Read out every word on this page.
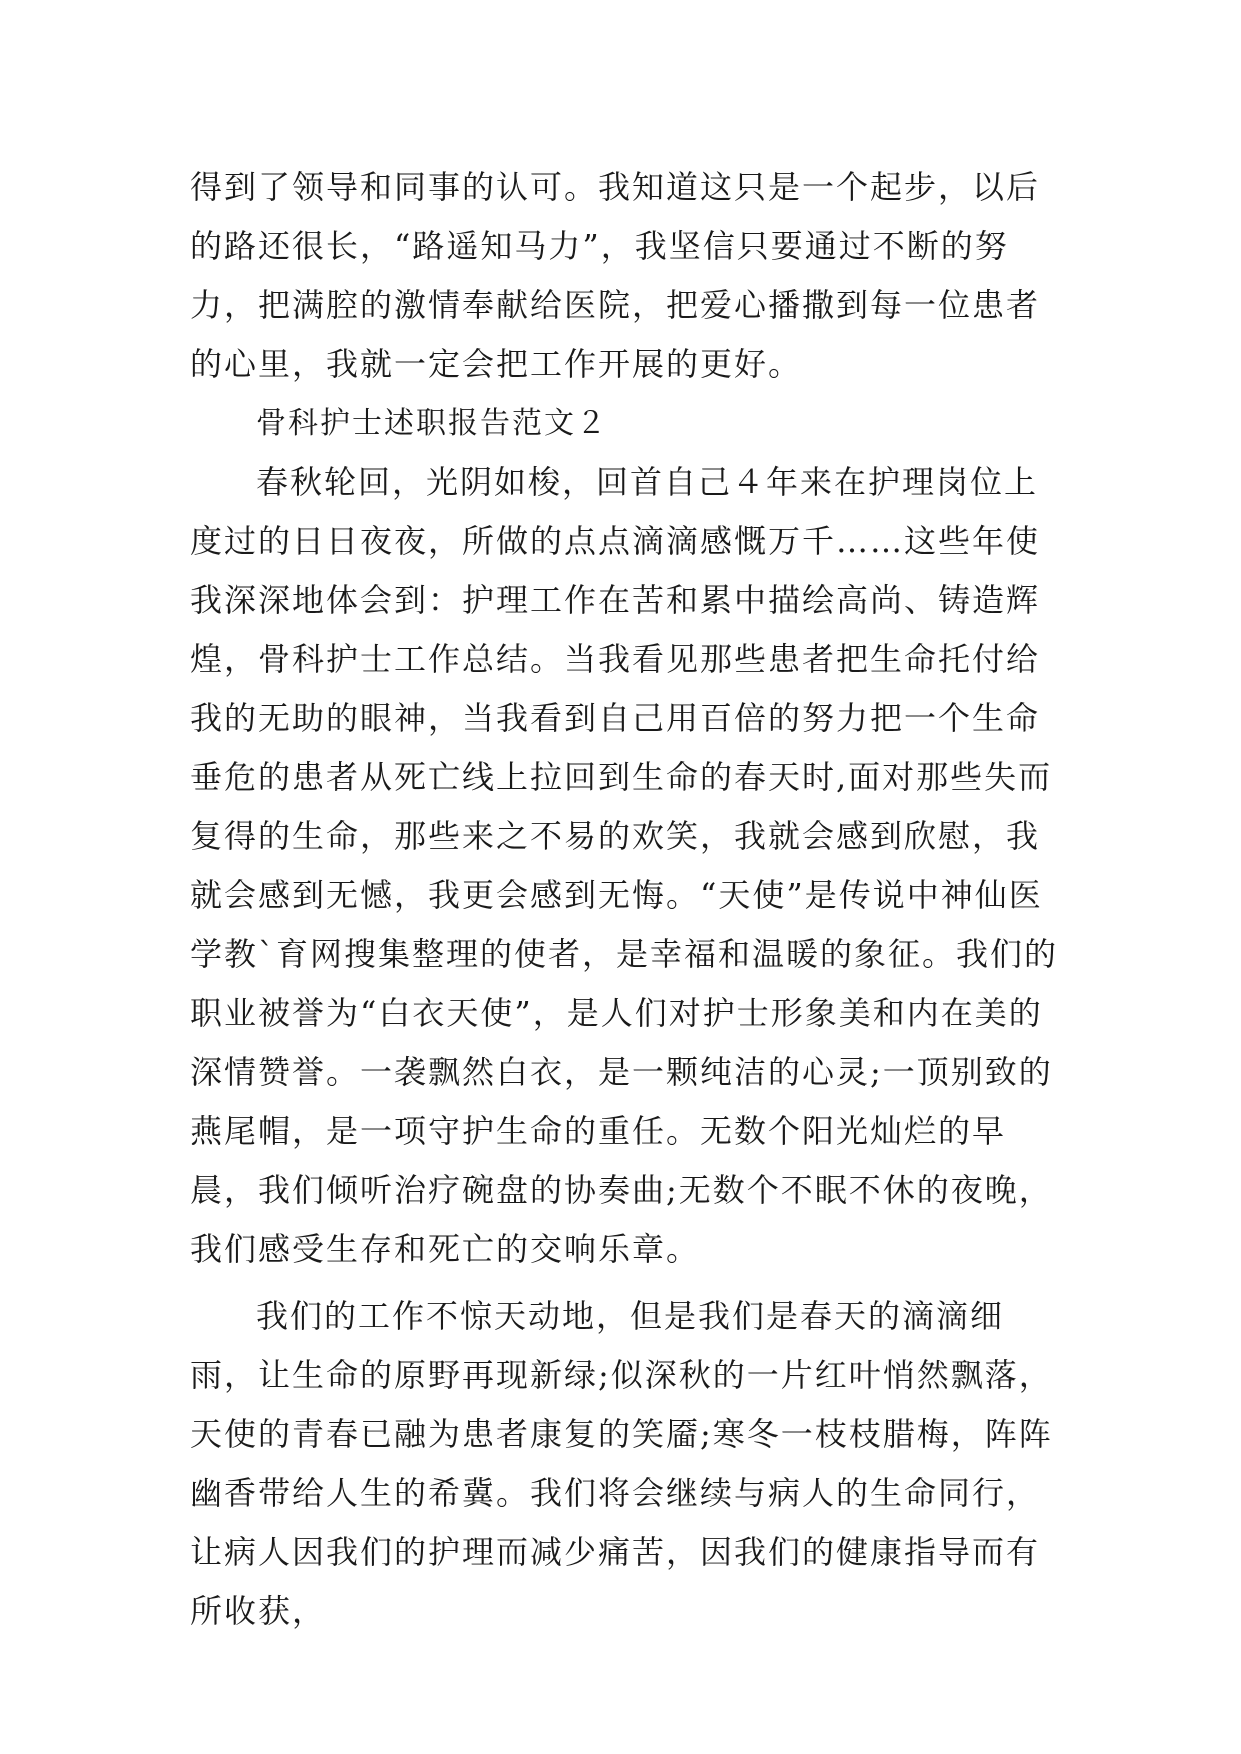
得到了领导和同事的认可。我知道这只是一个起步，以后的路还很长，“路遥知马力”，我坚信只要通过不断的努力，把满腔的激情奉献给医院，把爱心播撒到每一位患者的心里，我就一定会把工作开展的更好。

骨科护士述职报告范文２

春秋轮回，光阴如梭，回首自己４年来在护理岗位上度过的日日夜夜，所做的点点滴滴感慨万千……这些年使我深深地体会到：护理工作在苦和累中描绘高尚、铸造辉煌，骨科护士工作总结。当我看见那些患者把生命托付给我的无助的眼神，当我看到自己用百倍的努力把一个生命垂危的患者从死亡线上拉回到生命的春天时,面对那些失而复得的生命，那些来之不易的欢笑，我就会感到欣慰，我就会感到无憾，我更会感到无悔。“天使”是传说中神仙医学教`育网搜集整理的使者，是幸福和温暖的象征。我们的职业被誉为“白衣天使”，是人们对护士形象美和内在美的深情赞誉。一袭飘然白衣，是一颗纯洁的心灵;一顶别致的燕尾帽，是一项守护生命的重任。无数个阳光灿烂的早晨，我们倾听治疗碗盘的协奏曲;无数个不眠不休的夜晚，我们感受生存和死亡的交响乐章。

我们的工作不惊天动地，但是我们是春天的滴滴细雨，让生命的原野再现新绿;似深秋的一片红叶悄然飘落，天使的青春已融为患者康复的笑靥;寒冬一枝枝腊梅，阵阵幽香带给人生的希冀。我们将会继续与病人的生命同行，让病人因我们的护理而减少痛苦，因我们的健康指导而有所收获，
